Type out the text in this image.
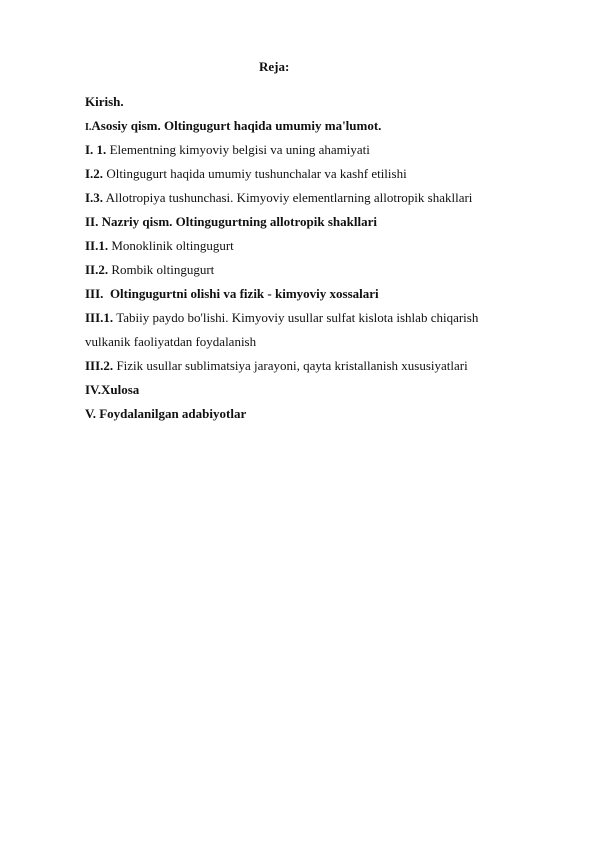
Reja:
Kirish.
I.Asosiy qism. Oltingugurt haqida umumiy ma'lumot.
I. 1. Elementning kimyoviy belgisi va uning ahamiyati
I.2. Oltingugurt haqida umumiy tushunchalar va kashf etilishi
I.3. Allotropiya tushunchasi. Kimyoviy elementlarning allotropik shakllari
II. Nazriy qism. Oltingugurtning allotropik shakllari
II.1. Monoklinik oltingugurt
II.2. Rombik oltingugurt
III.  Oltingugurtni olishi va fizik - kimyoviy xossalari
III.1. Tabiiy paydo bo'lishi. Kimyoviy usullar sulfat kislota ishlab chiqarish
vulkanik faoliyatdan foydalanish
III.2. Fizik usullar sublimatsiya jarayoni, qayta kristallanish xususiyatlari
IV.Xulosa
V. Foydalanilgan adabiyotlar
